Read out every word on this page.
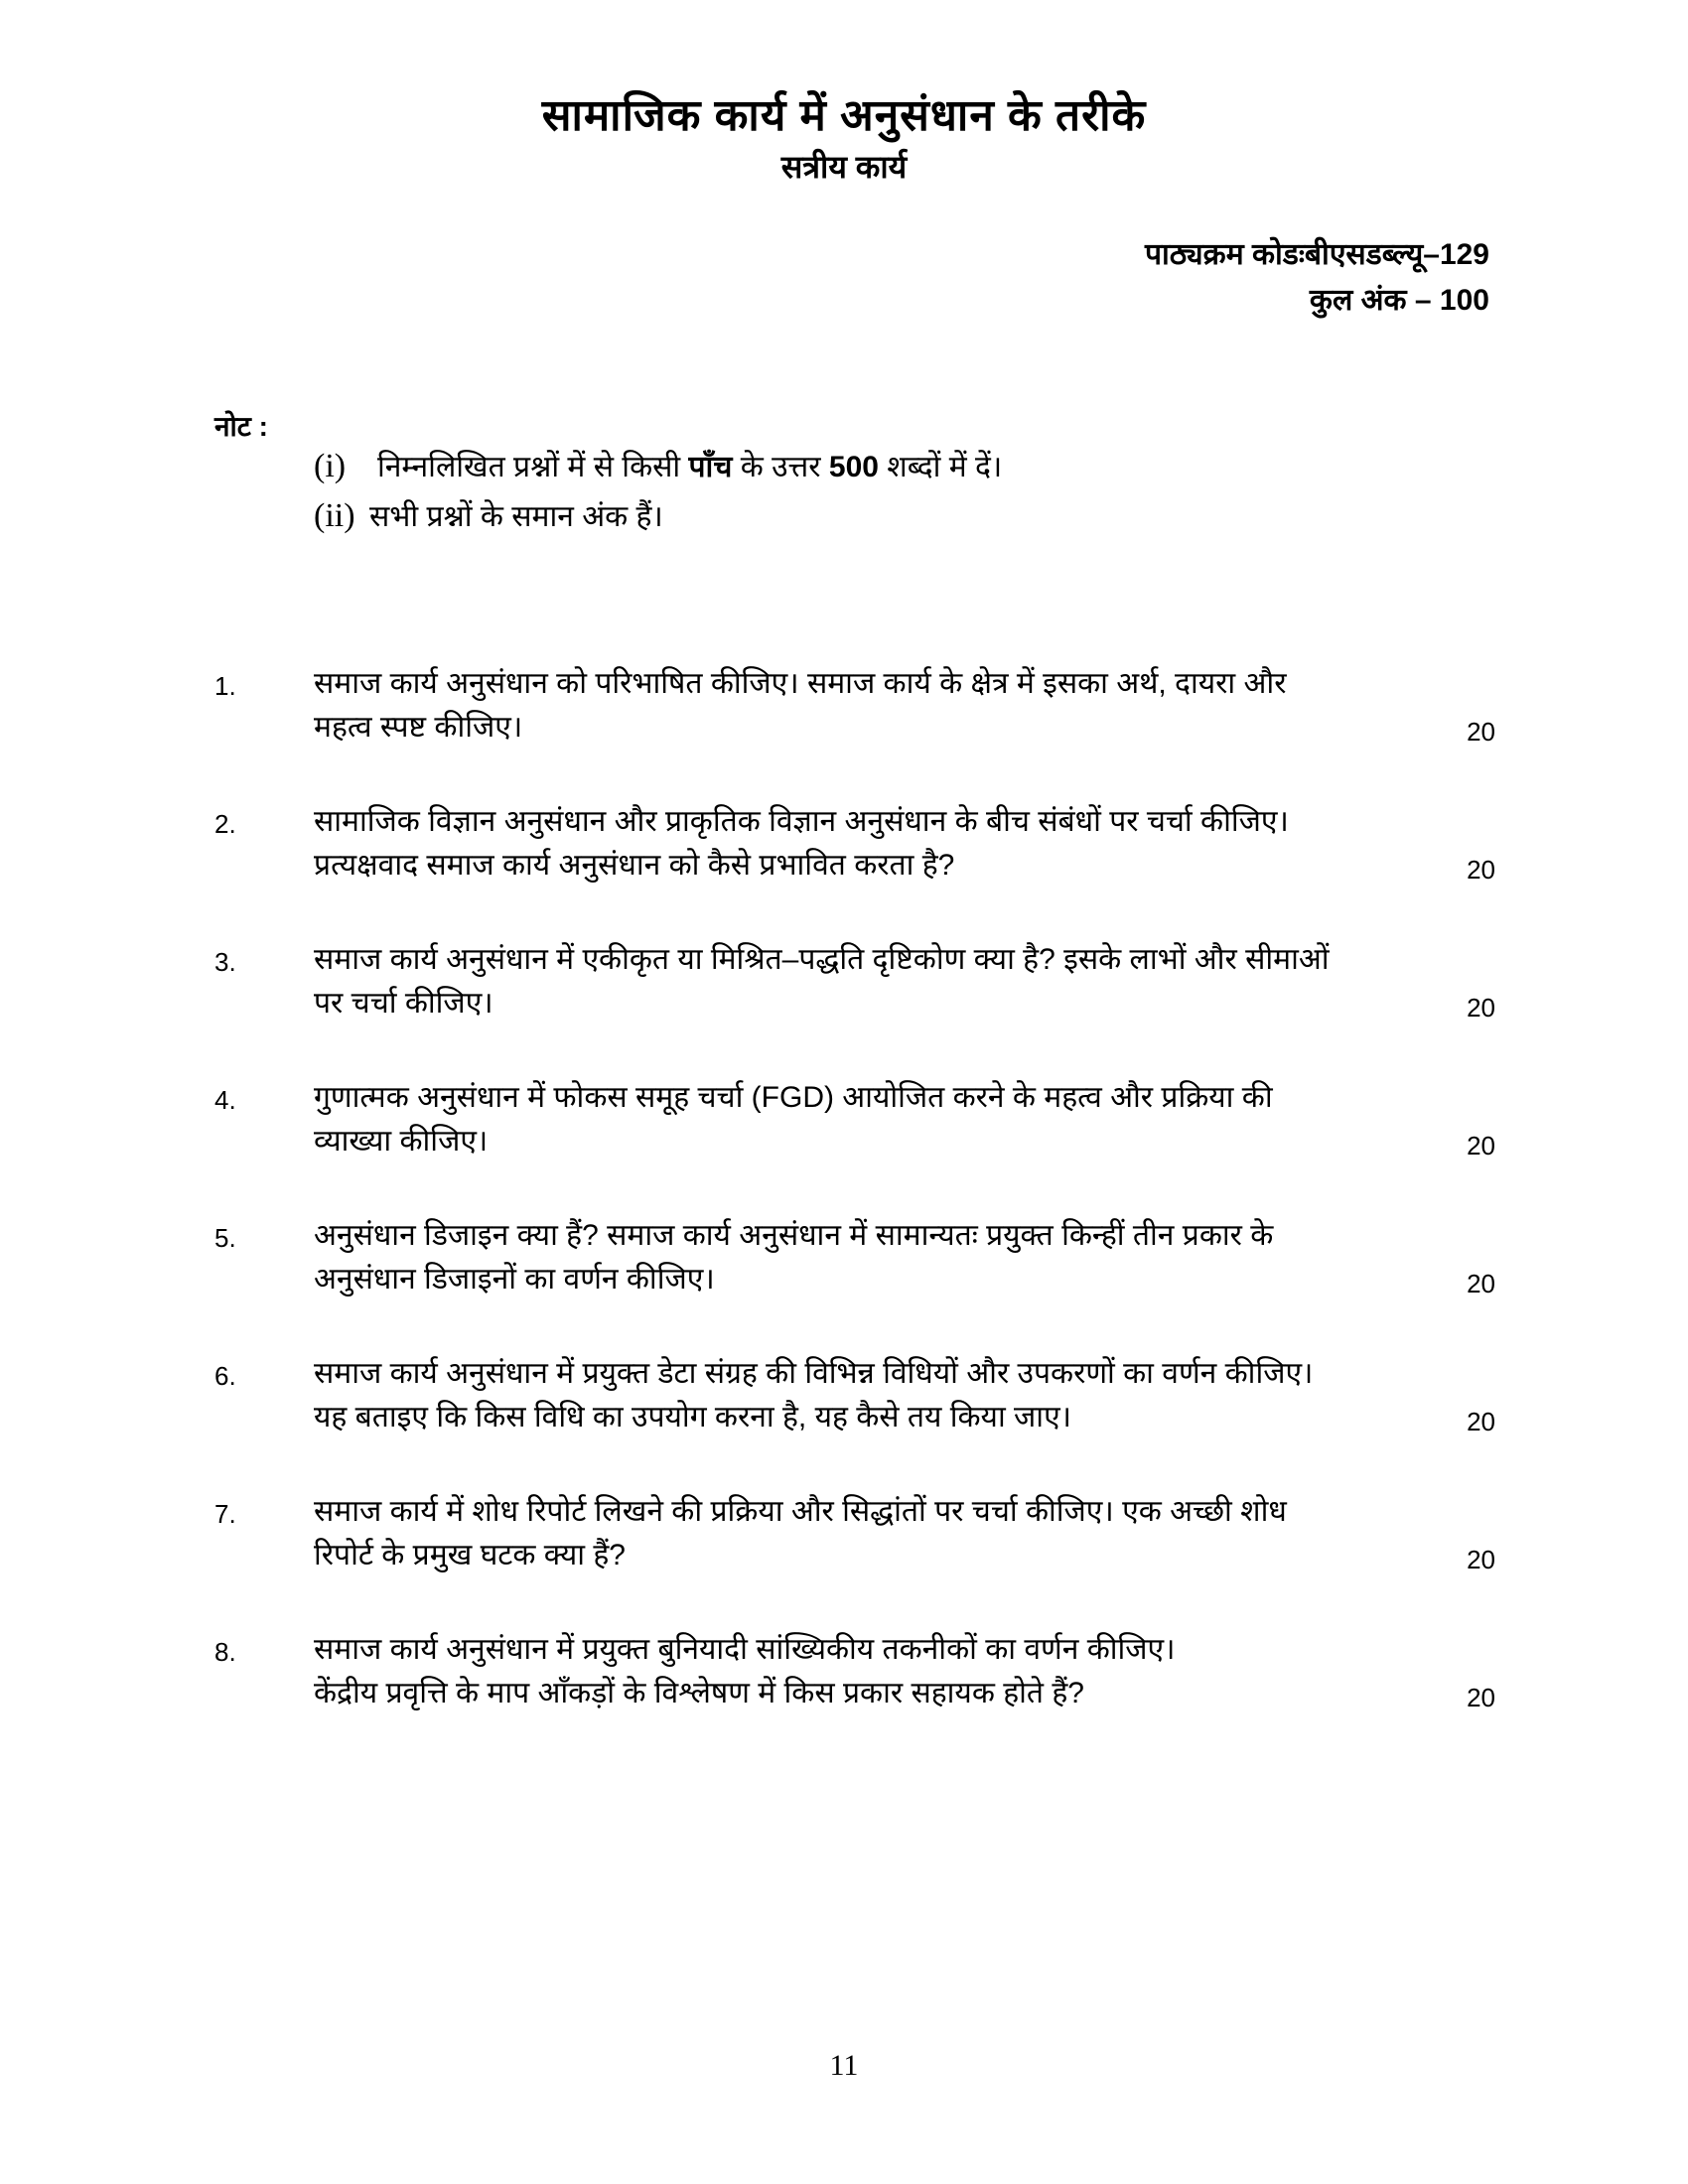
सामाजिक कार्य में अनुसंधान के तरीके
सत्रीय कार्य
पाठ्यक्रम कोडःबीएसडब्ल्यू–129
कुल अंक – 100
नोट :
(i)	निम्नलिखित प्रश्नों में से किसी पाँच के उत्तर 500 शब्दों में दें।
(ii) सभी प्रश्नों के समान अंक हैं।
1.	समाज कार्य अनुसंधान को परिभाषित कीजिए। समाज कार्य के क्षेत्र में इसका अर्थ, दायरा और
महत्व स्पष्ट कीजिए।	20
2.	सामाजिक विज्ञान अनुसंधान और प्राकृतिक विज्ञान अनुसंधान के बीच संबंधों पर चर्चा कीजिए।
प्रत्यक्षवाद समाज कार्य अनुसंधान को कैसे प्रभावित करता है?	20
3.	समाज कार्य अनुसंधान में एकीकृत या मिश्रित–पद्धति दृष्टिकोण क्या है? इसके लाभों और सीमाओं
पर चर्चा कीजिए।	20
4.	गुणात्मक अनुसंधान में फोकस समूह चर्चा (FGD) आयोजित करने के महत्व और प्रक्रिया की
व्याख्या कीजिए।	20
5.	अनुसंधान डिजाइन क्या हैं? समाज कार्य अनुसंधान में सामान्यतः प्रयुक्त किन्हीं तीन प्रकार के
अनुसंधान डिजाइनों का वर्णन कीजिए।	20
6.	समाज कार्य अनुसंधान में प्रयुक्त डेटा संग्रह की विभिन्न विधियों और उपकरणों का वर्णन कीजिए।
यह बताइए कि किस विधि का उपयोग करना है, यह कैसे तय किया जाए।	20
7.	समाज कार्य में शोध रिपोर्ट लिखने की प्रक्रिया और सिद्धांतों पर चर्चा कीजिए। एक अच्छी शोध
रिपोर्ट के प्रमुख घटक क्या हैं?	20
8.	समाज कार्य अनुसंधान में प्रयुक्त बुनियादी सांख्यिकीय तकनीकों का वर्णन कीजिए।
केंद्रीय प्रवृत्ति के माप आँकड़ों के विश्लेषण में किस प्रकार सहायक होते हैं?	20
11
